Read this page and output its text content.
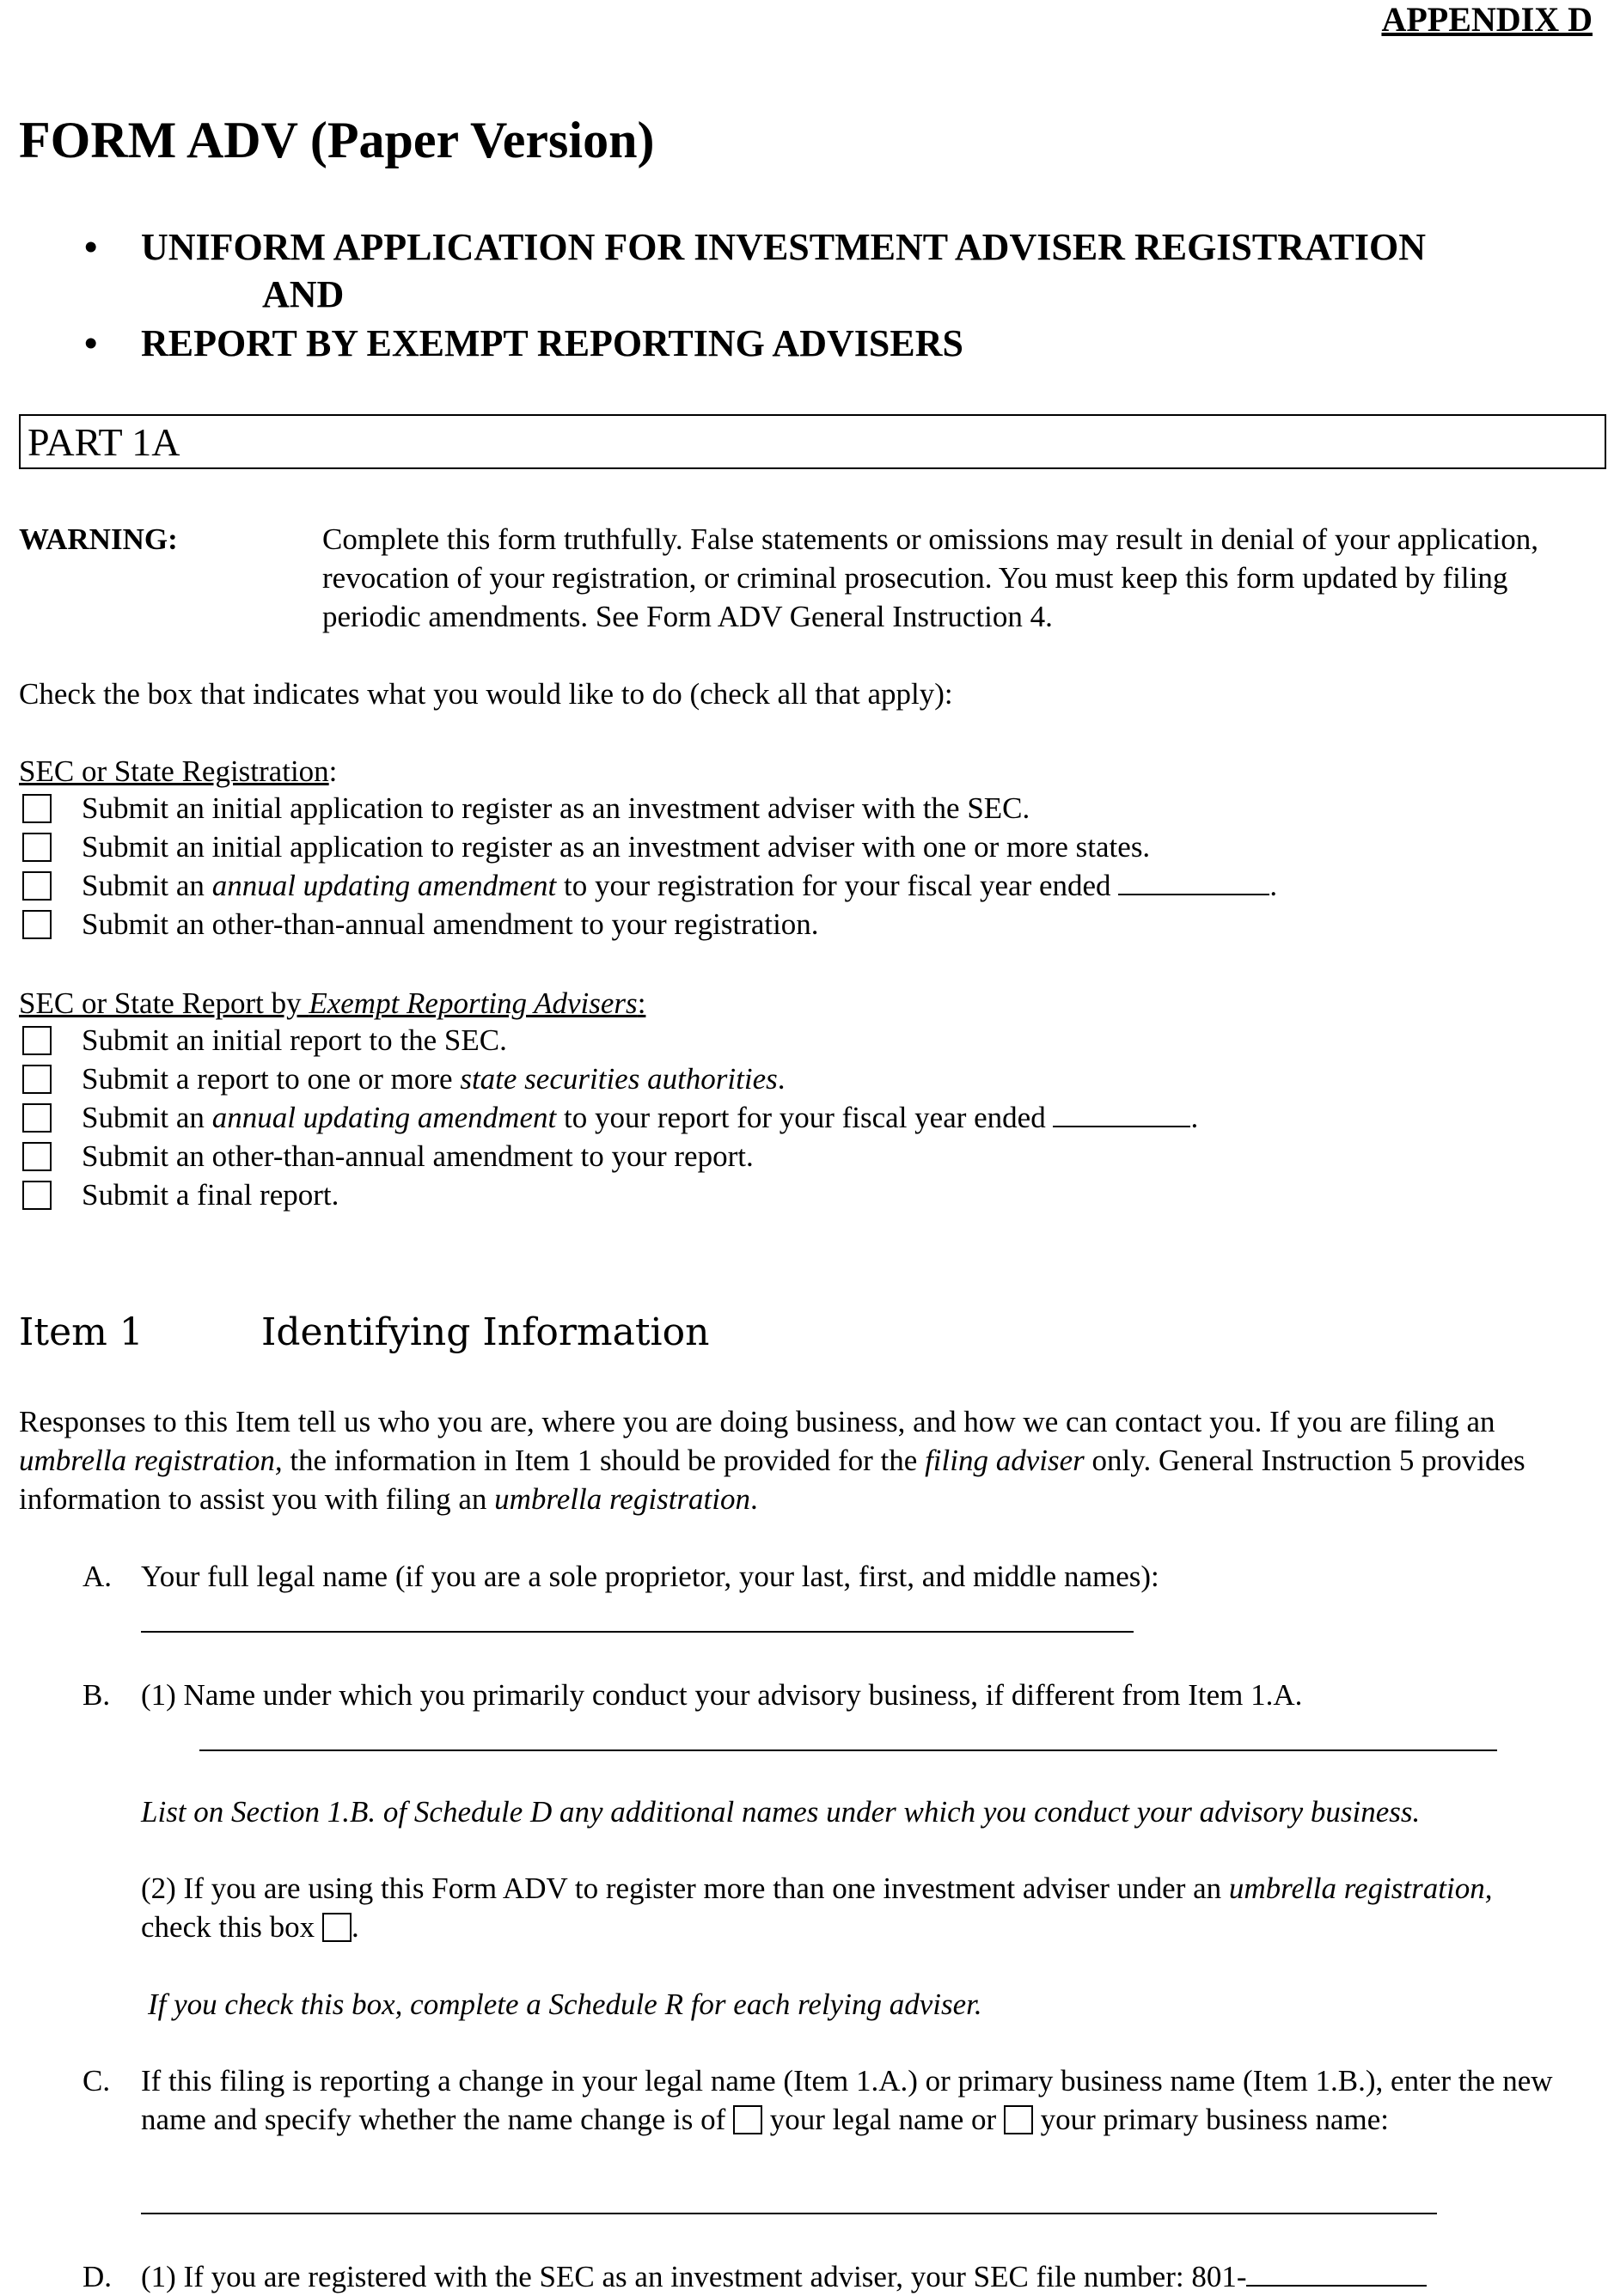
APPENDIX D
FORM ADV (Paper Version)
• UNIFORM APPLICATION FOR INVESTMENT ADVISER REGISTRATION
AND
• REPORT BY EXEMPT REPORTING ADVISERS
PART 1A
WARNING:	Complete this form truthfully. False statements or omissions may result in denial of your application, revocation of your registration, or criminal prosecution. You must keep this form updated by filing periodic amendments. See Form ADV General Instruction 4.
Check the box that indicates what you would like to do (check all that apply):
SEC or State Registration:
Submit an initial application to register as an investment adviser with the SEC.
Submit an initial application to register as an investment adviser with one or more states.
Submit an annual updating amendment to your registration for your fiscal year ended	.
Submit an other-than-annual amendment to your registration.
SEC or State Report by Exempt Reporting Advisers:
Submit an initial report to the SEC.
Submit a report to one or more state securities authorities.
Submit an annual updating amendment to your report for your fiscal year ended	.
Submit an other-than-annual amendment to your report.
Submit a final report.
Item 1	Identifying Information
Responses to this Item tell us who you are, where you are doing business, and how we can contact you. If you are filing an umbrella registration, the information in Item 1 should be provided for the filing adviser only. General Instruction 5 provides information to assist you with filing an umbrella registration.
A. Your full legal name (if you are a sole proprietor, your last, first, and middle names):
B. (1) Name under which you primarily conduct your advisory business, if different from Item 1.A.
List on Section 1.B. of Schedule D any additional names under which you conduct your advisory business.
(2) If you are using this Form ADV to register more than one investment adviser under an umbrella registration, check this box .
If you check this box, complete a Schedule R for each relying adviser.
C. If this filing is reporting a change in your legal name (Item 1.A.) or primary business name (Item 1.B.), enter the new name and specify whether the name change is of your legal name or your primary business name:
D. (1) If you are registered with the SEC as an investment adviser, your SEC file number: 801-
